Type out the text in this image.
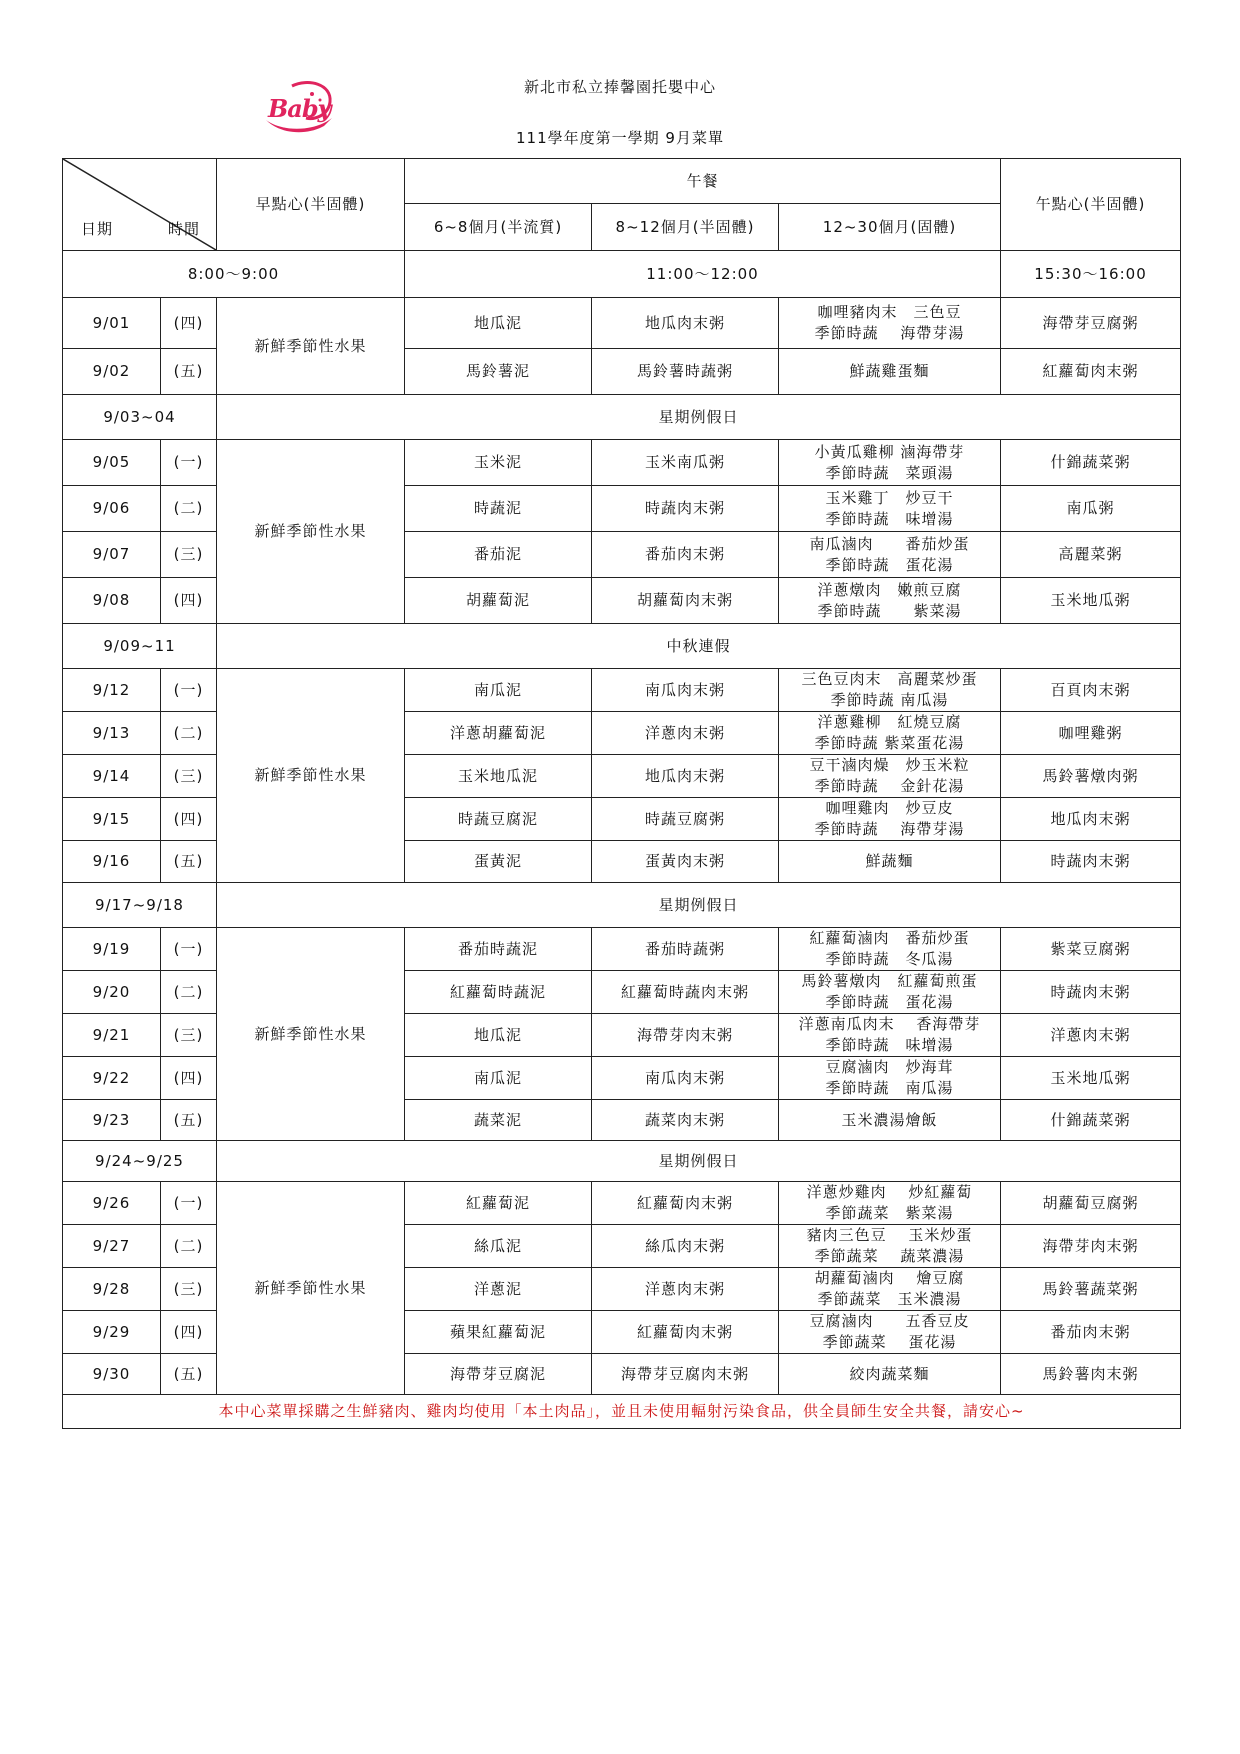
Baby
新北市私立捧馨園托嬰中心
111學年度第一學期 9月菜單
日期 時間		早點心(半固體)	午餐			午點心(半固體)
			6~8個月(半流質)	8~12個月(半固體)	12~30個月(固體)	
8:00～9:00			11:00～12:00			15:30～16:00
9/01	(四)	新鮮季節性水果	地瓜泥	地瓜肉末粥	咖哩豬肉末　三色豆
季節時蔬　 海帶芽湯	海帶芽豆腐粥
9/02	(五)		馬鈴薯泥	馬鈴薯時蔬粥	鮮蔬雞蛋麵	紅蘿蔔肉末粥
9/03~04		星期例假日				
9/05	(一)	新鮮季節性水果	玉米泥	玉米南瓜粥	小黃瓜雞柳 滷海帶芽
季節時蔬　菜頭湯	什錦蔬菜粥
9/06	(二)		時蔬泥	時蔬肉末粥	玉米雞丁　炒豆干
季節時蔬　味增湯	南瓜粥
9/07	(三)		番茄泥	番茄肉末粥	南瓜滷肉　　番茄炒蛋
季節時蔬　蛋花湯	高麗菜粥
9/08	(四)		胡蘿蔔泥	胡蘿蔔肉末粥	洋蔥燉肉　嫩煎豆腐
季節時蔬　　紫菜湯	玉米地瓜粥
9/09~11		中秋連假				
9/12	(一)	新鮮季節性水果	南瓜泥	南瓜肉末粥	三色豆肉末　高麗菜炒蛋
季節時蔬 南瓜湯	百頁肉末粥
9/13	(二)		洋蔥胡蘿蔔泥	洋蔥肉末粥	洋蔥雞柳　紅燒豆腐
季節時蔬 紫菜蛋花湯	咖哩雞粥
9/14	(三)		玉米地瓜泥	地瓜肉末粥	豆干滷肉燥　炒玉米粒
季節時蔬　 金針花湯	馬鈴薯燉肉粥
9/15	(四)		時蔬豆腐泥	時蔬豆腐粥	咖哩雞肉　炒豆皮
季節時蔬　 海帶芽湯	地瓜肉末粥
9/16	(五)		蛋黃泥	蛋黃肉末粥	鮮蔬麵	時蔬肉末粥
9/17~9/18		星期例假日				
9/19	(一)	新鮮季節性水果	番茄時蔬泥	番茄時蔬粥	紅蘿蔔滷肉　番茄炒蛋
季節時蔬　冬瓜湯	紫菜豆腐粥
9/20	(二)		紅蘿蔔時蔬泥	紅蘿蔔時蔬肉末粥	馬鈴薯燉肉　紅蘿蔔煎蛋
季節時蔬　蛋花湯	時蔬肉末粥
9/21	(三)		地瓜泥	海帶芽肉末粥	洋蔥南瓜肉末　 香海帶芽
季節時蔬　味增湯	洋蔥肉末粥
9/22	(四)		南瓜泥	南瓜肉末粥	豆腐滷肉　炒海茸
季節時蔬　南瓜湯	玉米地瓜粥
9/23	(五)		蔬菜泥	蔬菜肉末粥	玉米濃湯燴飯	什錦蔬菜粥
9/24~9/25		星期例假日				
9/26	(一)	新鮮季節性水果	紅蘿蔔泥	紅蘿蔔肉末粥	洋蔥炒雞肉　 炒紅蘿蔔
季節蔬菜　紫菜湯	胡蘿蔔豆腐粥
9/27	(二)		絲瓜泥	絲瓜肉末粥	豬肉三色豆　 玉米炒蛋
季節蔬菜　 蔬菜濃湯	海帶芽肉末粥
9/28	(三)		洋蔥泥	洋蔥肉末粥	胡蘿蔔滷肉　 燴豆腐
季節蔬菜　玉米濃湯	馬鈴薯蔬菜粥
9/29	(四)		蘋果紅蘿蔔泥	紅蘿蔔肉末粥	豆腐滷肉　　五香豆皮
季節蔬菜　 蛋花湯	番茄肉末粥
9/30	(五)		海帶芽豆腐泥	海帶芽豆腐肉末粥	絞肉蔬菜麵	馬鈴薯肉末粥
本中心菜單採購之生鮮豬肉、雞肉均使用「本土肉品」，並且未使用輻射污染食品，供全員師生安全共餐，請安心~						
